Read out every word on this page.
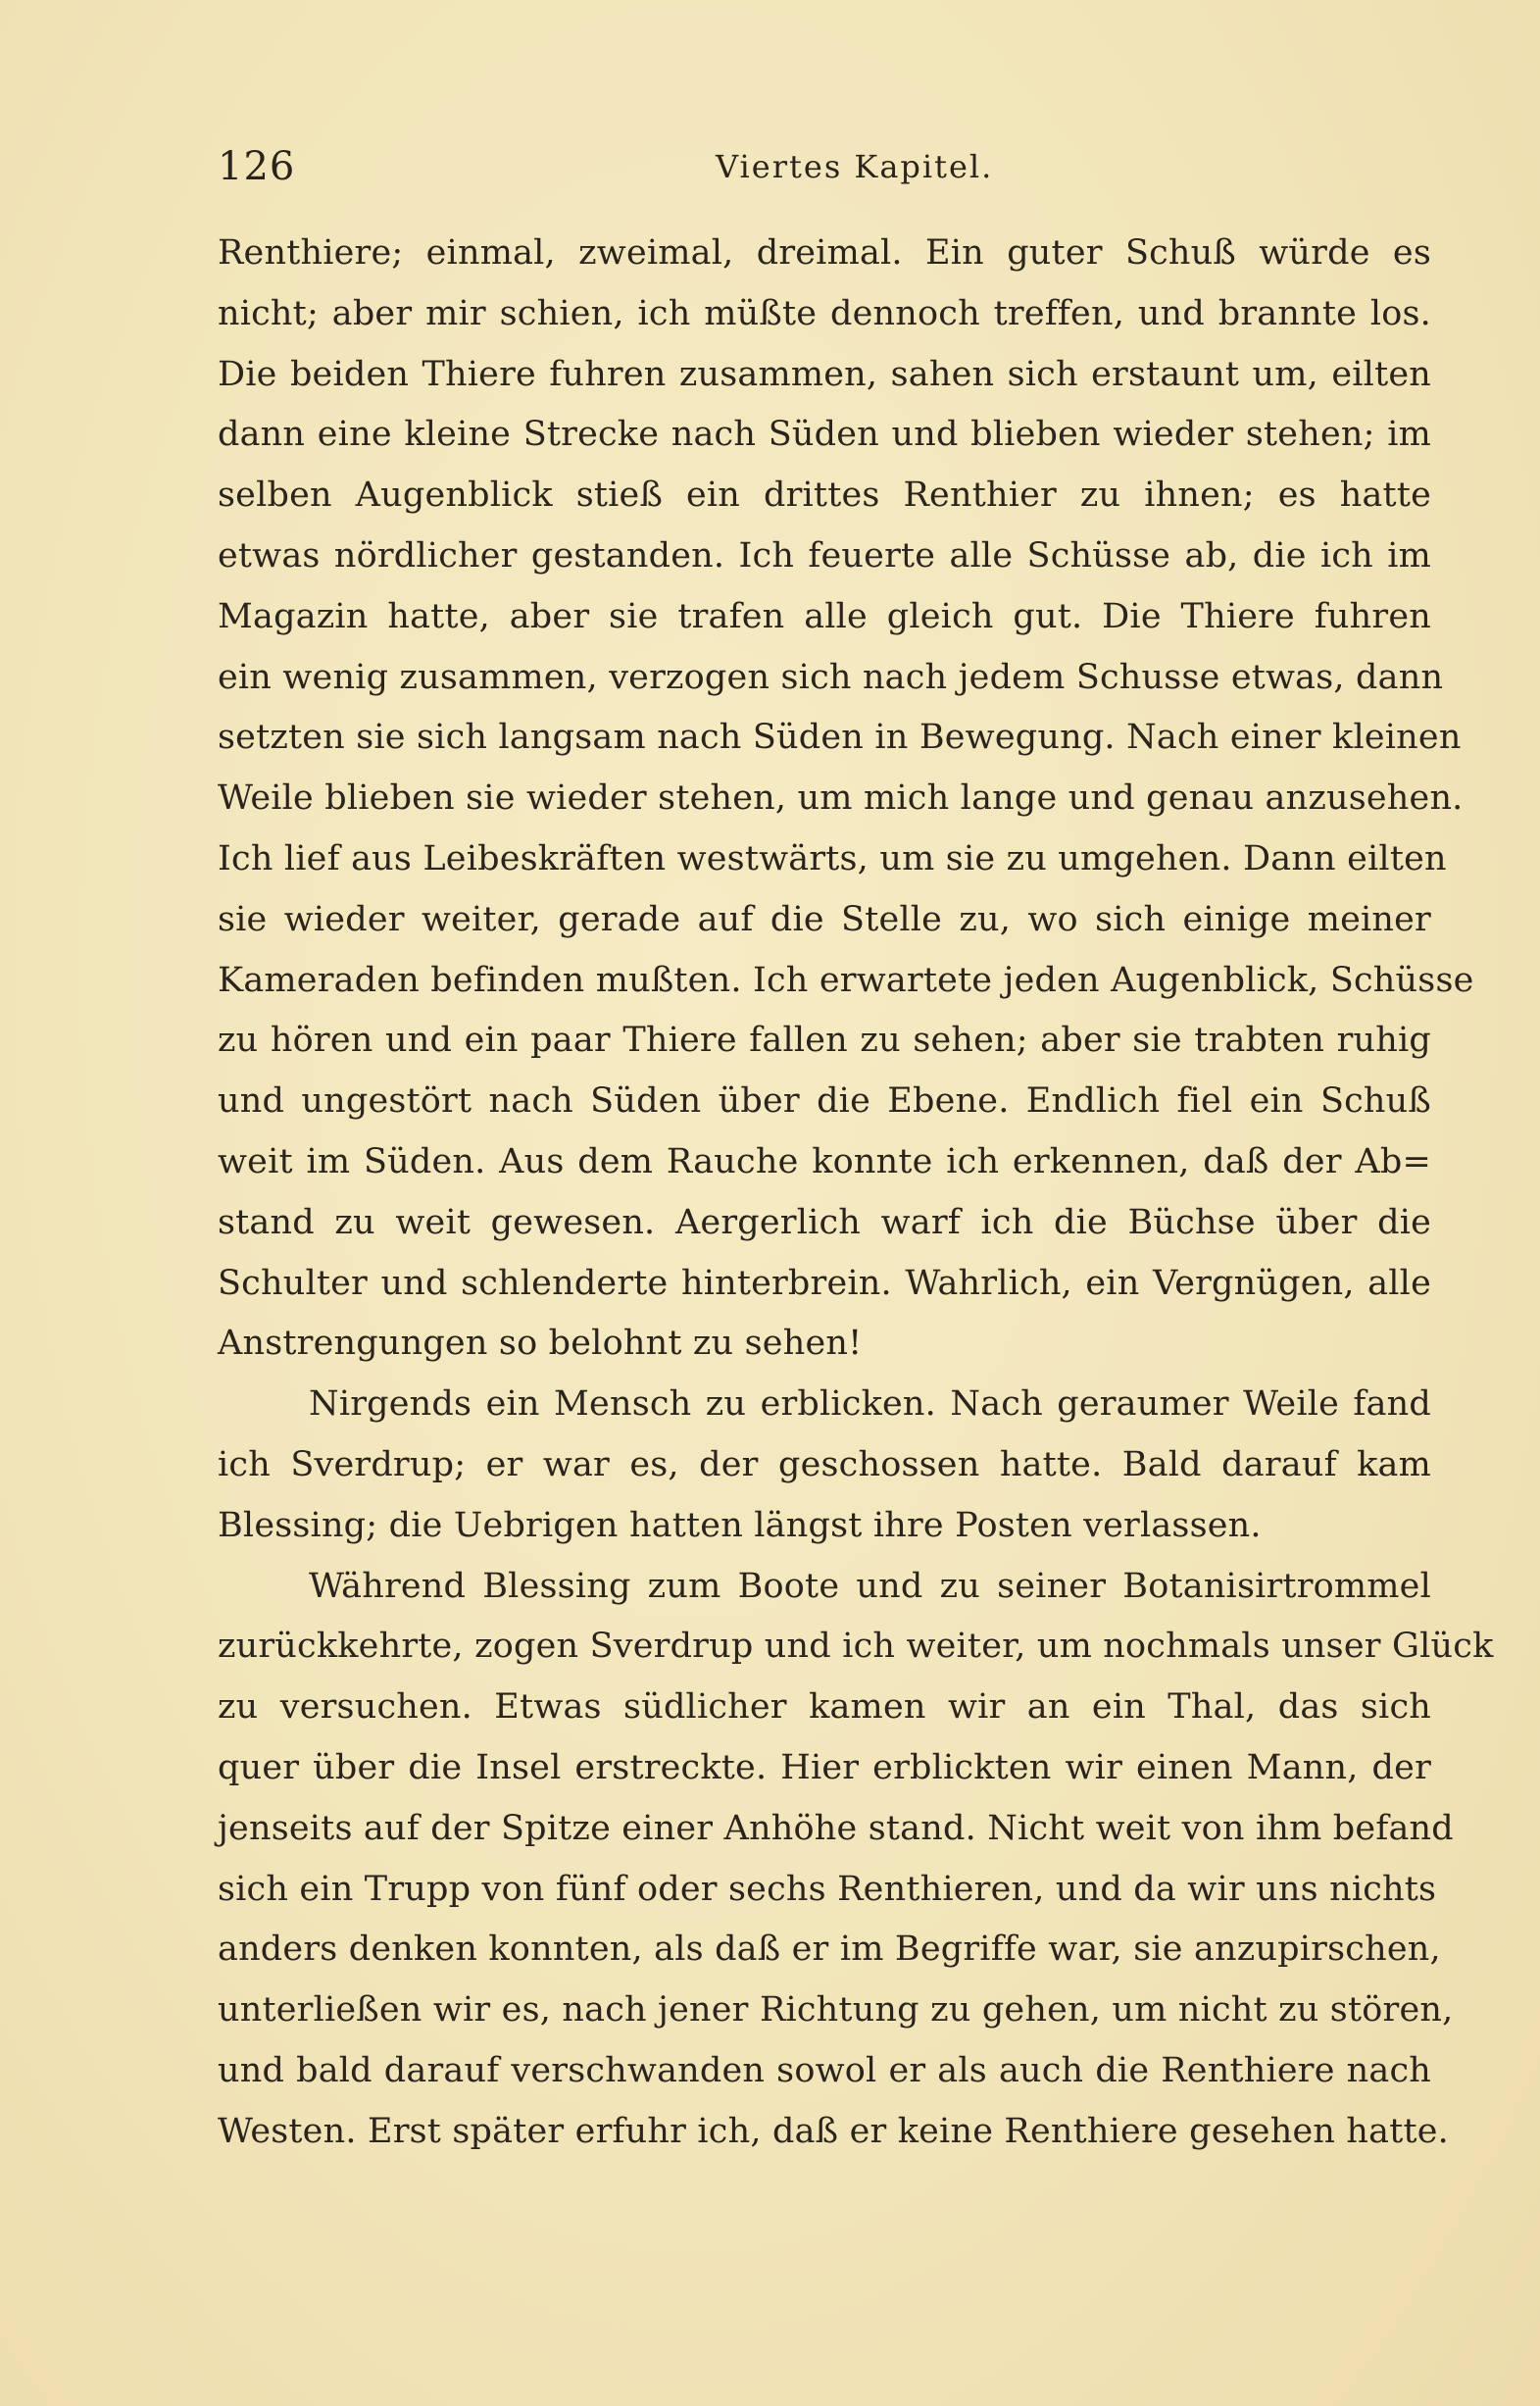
126	Viertes Kapitel.
Renthiere; einmal, zweimal, dreimal. Ein guter Schuß würde es
nicht; aber mir schien, ich müßte dennoch treffen, und brannte los.
Die beiden Thiere fuhren zusammen, sahen sich erstaunt um, eilten
dann eine kleine Strecke nach Süden und blieben wieder stehen; im
selben Augenblick stieß ein drittes Renthier zu ihnen; es hatte
etwas nördlicher gestanden. Ich feuerte alle Schüsse ab, die ich im
Magazin hatte, aber sie trafen alle gleich gut. Die Thiere fuhren
ein wenig zusammen, verzogen sich nach jedem Schusse etwas, dann
setzten sie sich langsam nach Süden in Bewegung. Nach einer kleinen
Weile blieben sie wieder stehen, um mich lange und genau anzusehen.
Ich lief aus Leibeskräften westwärts, um sie zu umgehen. Dann eilten
sie wieder weiter, gerade auf die Stelle zu, wo sich einige meiner
Kameraden befinden mußten. Ich erwartete jeden Augenblick, Schüsse
zu hören und ein paar Thiere fallen zu sehen; aber sie trabten ruhig
und ungestört nach Süden über die Ebene. Endlich fiel ein Schuß
weit im Süden. Aus dem Rauche konnte ich erkennen, daß der Ab=
stand zu weit gewesen. Aergerlich warf ich die Büchse über die
Schulter und schlenderte hinterbrein. Wahrlich, ein Vergnügen, alle
Anstrengungen so belohnt zu sehen!
Nirgends ein Mensch zu erblicken. Nach geraumer Weile fand
ich Sverdrup; er war es, der geschossen hatte. Bald darauf kam
Blessing; die Uebrigen hatten längst ihre Posten verlassen.
Während Blessing zum Boote und zu seiner Botanisirtrommel
zurückkehrte, zogen Sverdrup und ich weiter, um nochmals unser Glück
zu versuchen. Etwas südlicher kamen wir an ein Thal, das sich
quer über die Insel erstreckte. Hier erblickten wir einen Mann, der
jenseits auf der Spitze einer Anhöhe stand. Nicht weit von ihm befand
sich ein Trupp von fünf oder sechs Renthieren, und da wir uns nichts
anders denken konnten, als daß er im Begriffe war, sie anzupirschen,
unterließen wir es, nach jener Richtung zu gehen, um nicht zu stören,
und bald darauf verschwanden sowol er als auch die Renthiere nach
Westen. Erst später erfuhr ich, daß er keine Renthiere gesehen hatte.
